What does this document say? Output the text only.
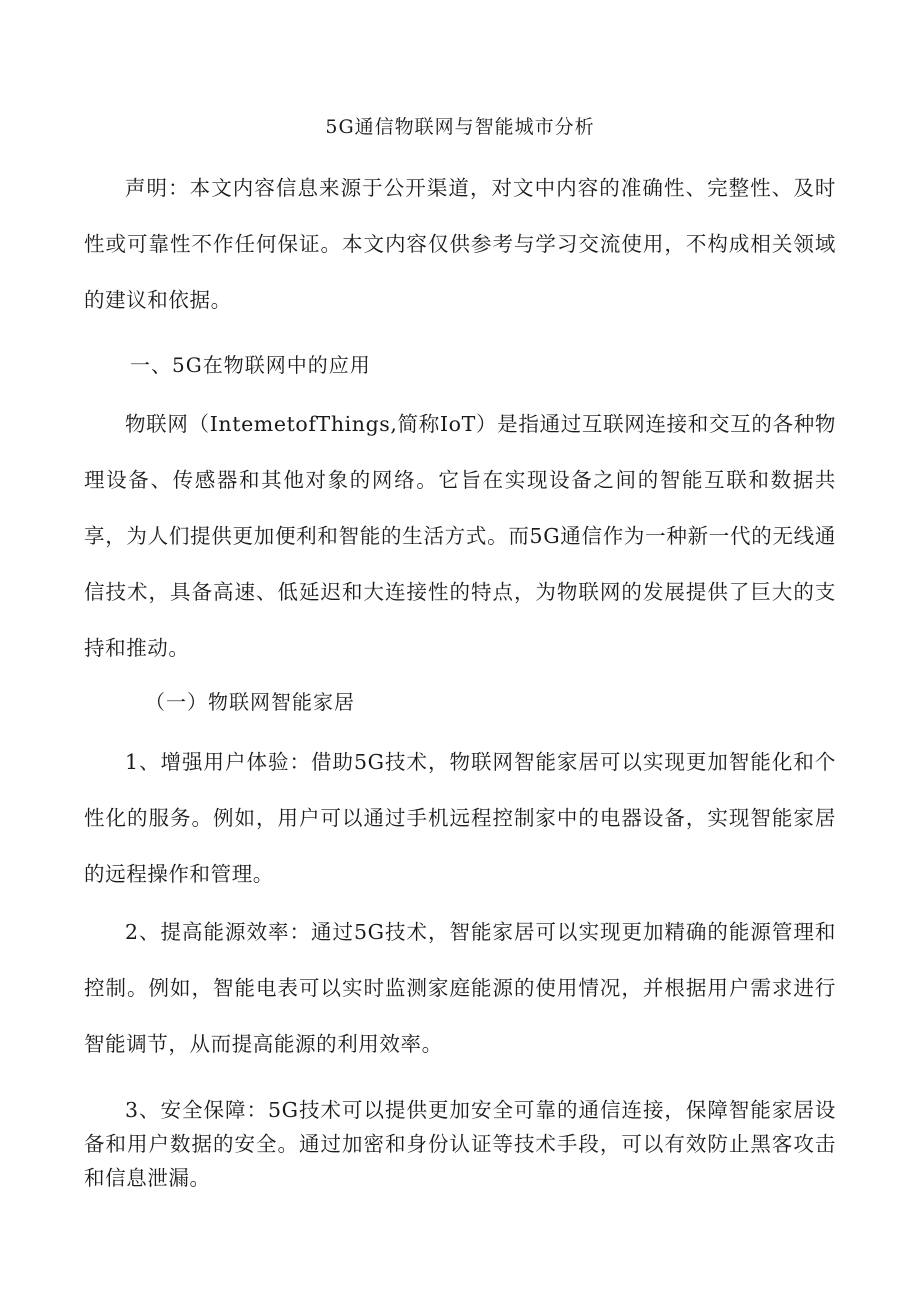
5G通信物联网与智能城市分析

声明：本文内容信息来源于公开渠道，对文中内容的准确性、完整性、及时性或可靠性不作任何保证。本文内容仅供参考与学习交流使用，不构成相关领域的建议和依据。

一、5G在物联网中的应用

物联网（IntemetofThings,简称IoT）是指通过互联网连接和交互的各种物理设备、传感器和其他对象的网络。它旨在实现设备之间的智能互联和数据共享，为人们提供更加便利和智能的生活方式。而5G通信作为一种新一代的无线通信技术，具备高速、低延迟和大连接性的特点，为物联网的发展提供了巨大的支持和推动。

（一）物联网智能家居

1、增强用户体验：借助5G技术，物联网智能家居可以实现更加智能化和个性化的服务。例如，用户可以通过手机远程控制家中的电器设备，实现智能家居的远程操作和管理。

2、提高能源效率：通过5G技术，智能家居可以实现更加精确的能源管理和控制。例如，智能电表可以实时监测家庭能源的使用情况，并根据用户需求进行智能调节，从而提高能源的利用效率。

3、安全保障：5G技术可以提供更加安全可靠的通信连接，保障智能家居设备和用户数据的安全。通过加密和身份认证等技术手段，可以有效防止黑客攻击和信息泄漏。
